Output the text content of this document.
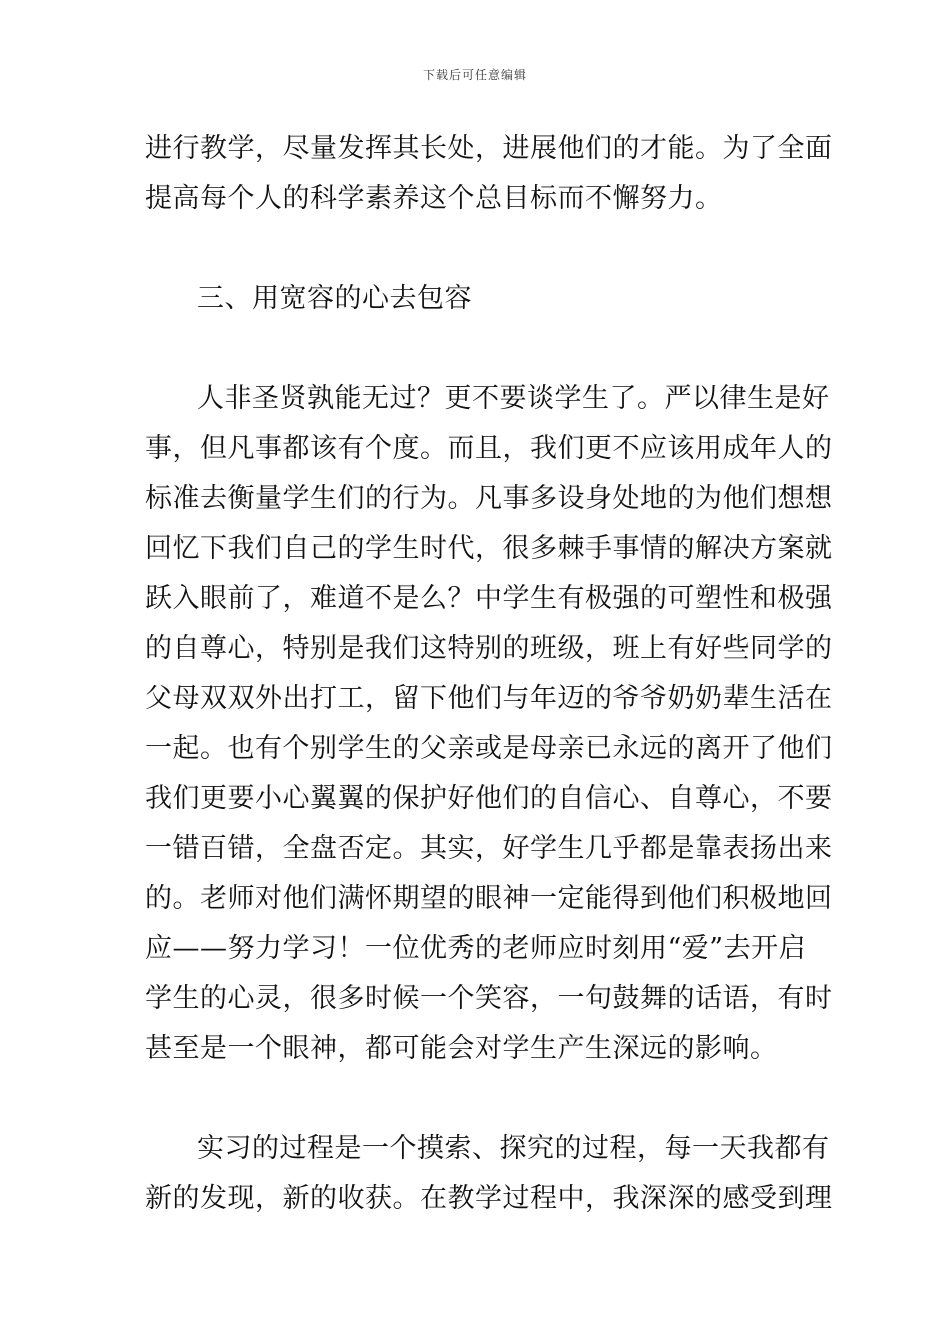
下载后可任意编辑
进行教学，尽量发挥其长处，进展他们的才能。为了全面
提高每个人的科学素养这个总目标而不懈努力。
三、用宽容的心去包容
人非圣贤孰能无过？更不要谈学生了。严以律生是好
事，但凡事都该有个度。而且，我们更不应该用成年人的
标准去衡量学生们的行为。凡事多设身处地的为他们想想
回忆下我们自己的学生时代，很多棘手事情的解决方案就
跃入眼前了，难道不是么？中学生有极强的可塑性和极强
的自尊心，特别是我们这特别的班级，班上有好些同学的
父母双双外出打工，留下他们与年迈的爷爷奶奶辈生活在
一起。也有个别学生的父亲或是母亲已永远的离开了他们
我们更要小心翼翼的保护好他们的自信心、自尊心，不要
一错百错，全盘否定。其实，好学生几乎都是靠表扬出来
的。老师对他们满怀期望的眼神一定能得到他们积极地回
应——努力学习！一位优秀的老师应时刻用“爱”去开启
学生的心灵，很多时候一个笑容，一句鼓舞的话语，有时
甚至是一个眼神，都可能会对学生产生深远的影响。
实习的过程是一个摸索、探究的过程，每一天我都有
新的发现，新的收获。在教学过程中，我深深的感受到理
